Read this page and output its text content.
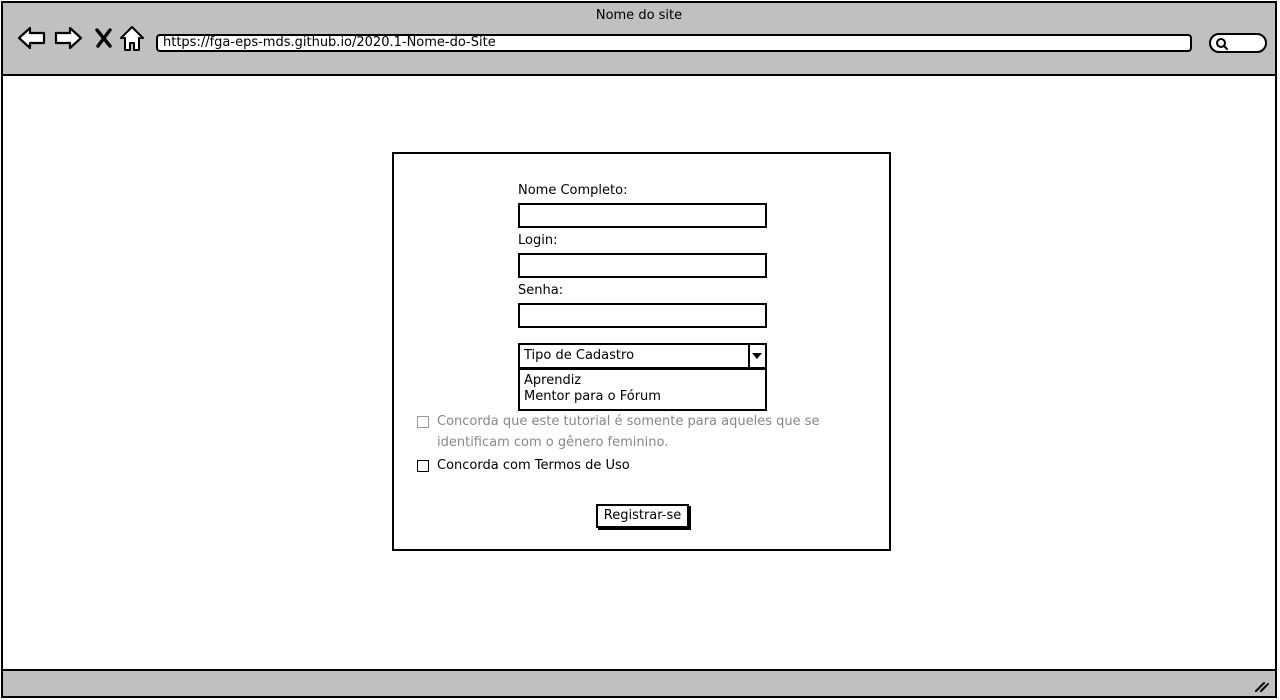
Nome do site
https://fga-eps-mds.github.io/2020.1-Nome-do-Site
Nome Completo:
Login:
Senha:
Tipo de Cadastro
Aprendiz
Mentor para o Fórum
Concorda que este tutorial é somente para aqueles que se identificam com o gênero feminino.
Concorda com Termos de Uso
Registrar-se
